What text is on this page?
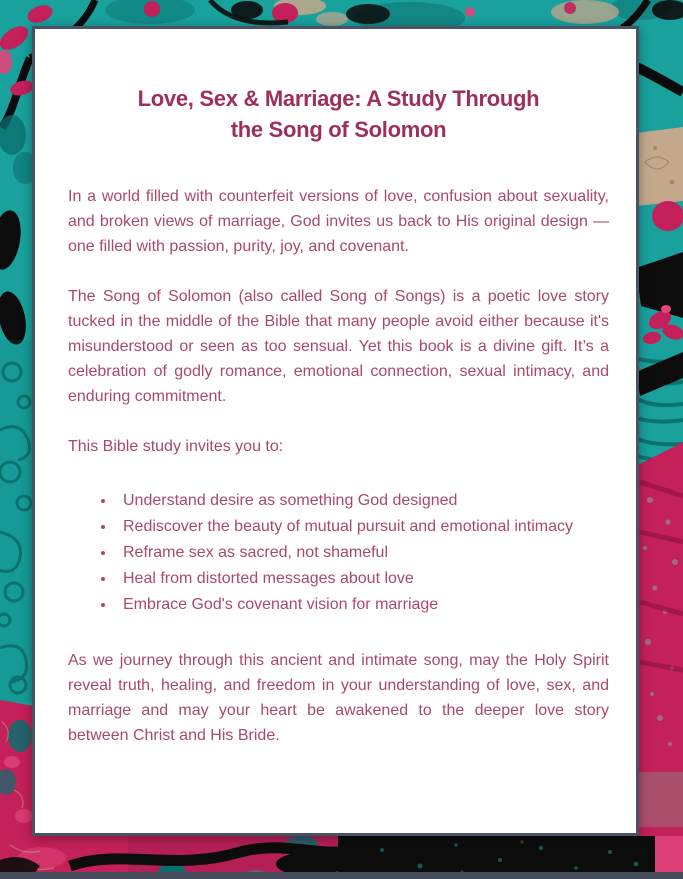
Love, Sex & Marriage: A Study Through
the Song of Solomon

In a world filled with counterfeit versions of love, confusion about sexuality, and broken views of marriage, God invites us back to His original design — one filled with passion, purity, joy, and covenant.

The Song of Solomon (also called Song of Songs) is a poetic love story tucked in the middle of the Bible that many people avoid either because it's misunderstood or seen as too sensual. Yet this book is a divine gift. It’s a celebration of godly romance, emotional connection, sexual intimacy, and enduring commitment.

This Bible study invites you to:

• Understand desire as something God designed
• Rediscover the beauty of mutual pursuit and emotional intimacy
• Reframe sex as sacred, not shameful
• Heal from distorted messages about love
• Embrace God's covenant vision for marriage

As we journey through this ancient and intimate song, may the Holy Spirit reveal truth, healing, and freedom in your understanding of love, sex, and marriage and may your heart be awakened to the deeper love story between Christ and His Bride.
